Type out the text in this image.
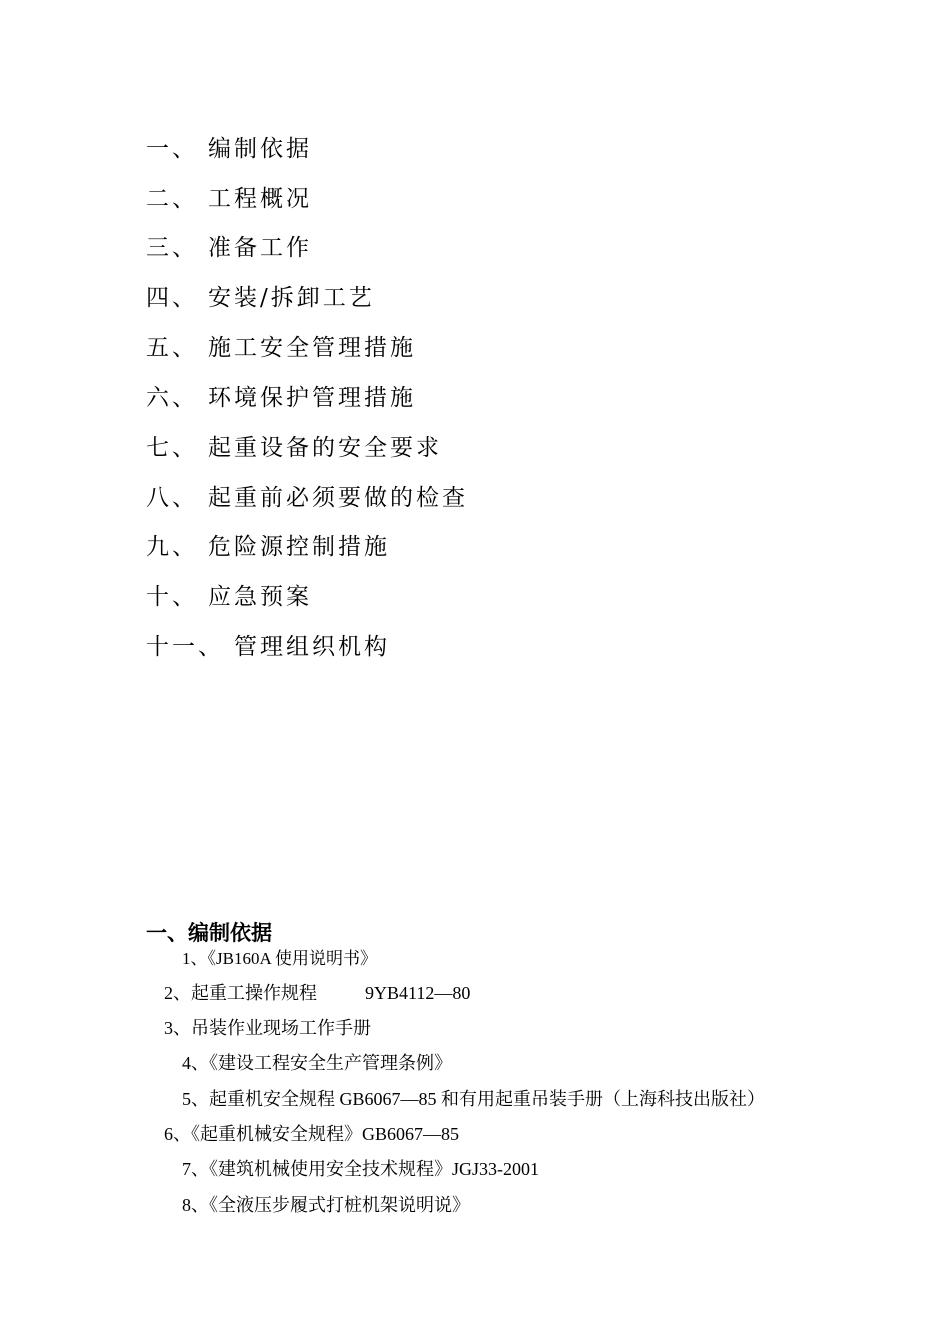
一、 编制依据
二、 工程概况
三、 准备工作
四、 安装/拆卸工艺
五、 施工安全管理措施
六、 环境保护管理措施
七、 起重设备的安全要求
八、 起重前必须要做的检查
九、 危险源控制措施
十、 应急预案
十一、 管理组织机构
一、编制依据
1、《JB160A 使用说明书》
2、起重工操作规程	9YB4112—80
3、吊装作业现场工作手册
4、《建设工程安全生产管理条例》
5、起重机安全规程 GB6067—85 和有用起重吊装手册（上海科技出版社）
6、《起重机械安全规程》GB6067—85
7、《建筑机械使用安全技术规程》JGJ33-2001
8、《全液压步履式打桩机架说明说》
